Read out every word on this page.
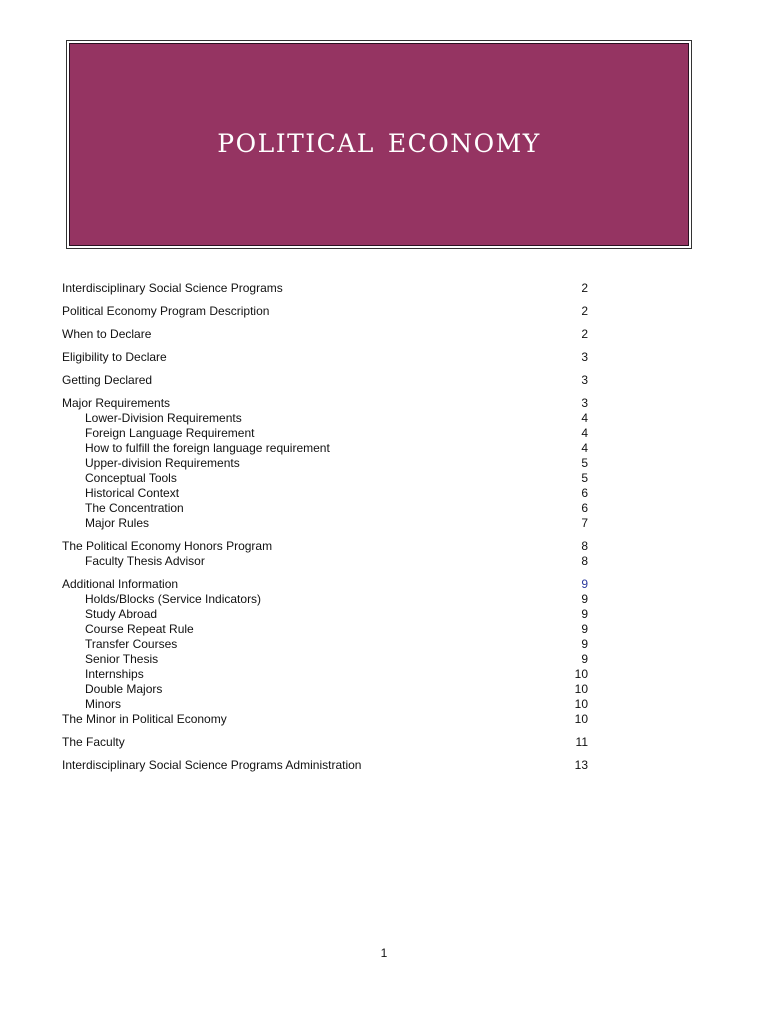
political economy
Interdisciplinary Social Science Programs	2
Political Economy Program Description	2
When to Declare	2
Eligibility to Declare	3
Getting Declared	3
Major Requirements	3
Lower-Division Requirements	4
Foreign Language Requirement	4
How to fulfill the foreign language requirement	4
Upper-division Requirements	5
Conceptual Tools	5
Historical Context	6
The Concentration	6
Major Rules	7
The Political Economy Honors Program	8
Faculty Thesis Advisor	8
Additional Information	9
Holds/Blocks (Service Indicators)	9
Study Abroad	9
Course Repeat Rule	9
Transfer Courses	9
Senior Thesis	9
Internships	10
Double Majors	10
Minors	10
The Minor in Political Economy	10
The Faculty	11
Interdisciplinary Social Science Programs Administration	13
1
